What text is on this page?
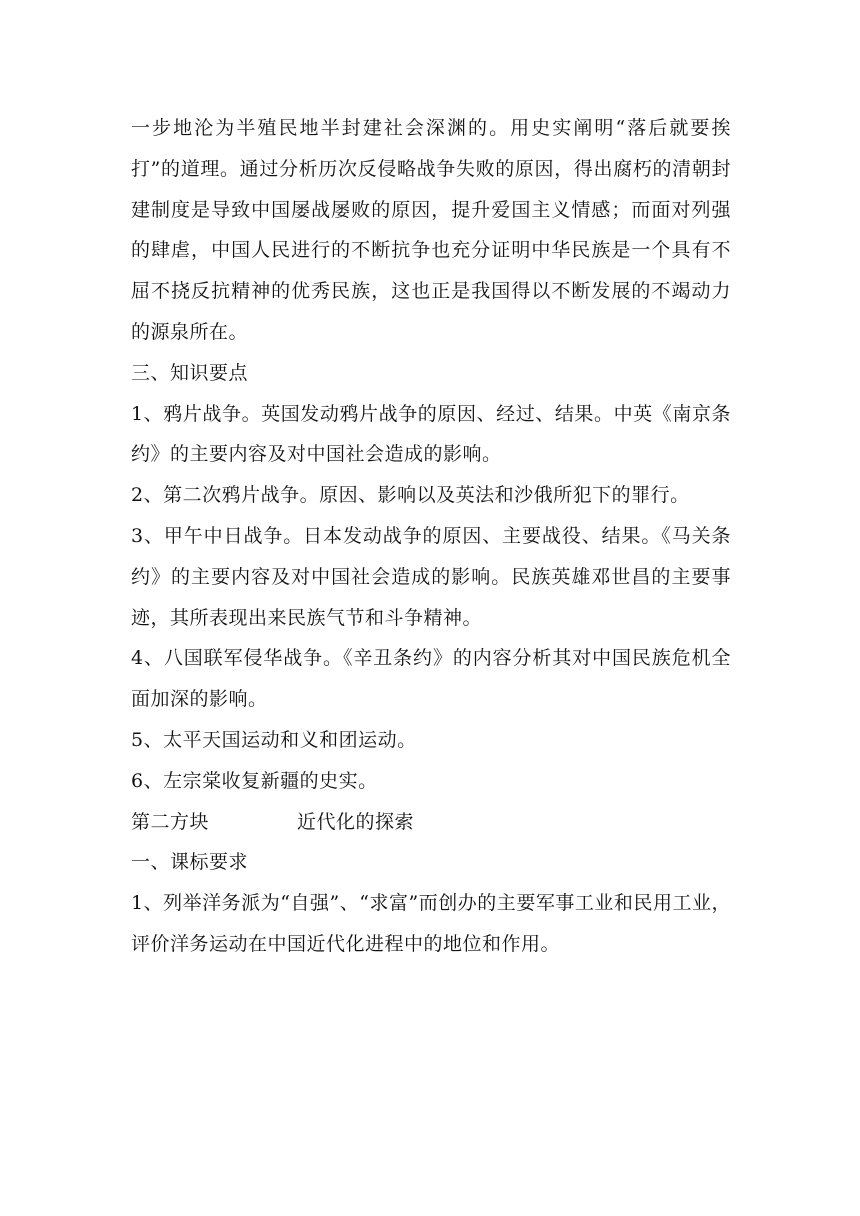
一步地沦为半殖民地半封建社会深渊的。用史实阐明“落后就要挨打”的道理。通过分析历次反侵略战争失败的原因，得出腐朽的清朝封建制度是导致中国屡战屡败的原因，提升爱国主义情感；而面对列强的肆虐，中国人民进行的不断抗争也充分证明中华民族是一个具有不屈不挠反抗精神的优秀民族，这也正是我国得以不断发展的不竭动力的源泉所在。

三、知识要点

1、鸦片战争。英国发动鸦片战争的原因、经过、结果。中英《南京条约》的主要内容及对中国社会造成的影响。

2、第二次鸦片战争。原因、影响以及英法和沙俄所犯下的罪行。

3、甲午中日战争。日本发动战争的原因、主要战役、结果。《马关条约》的主要内容及对中国社会造成的影响。民族英雄邓世昌的主要事迹，其所表现出来民族气节和斗争精神。

4、八国联军侵华战争。《辛丑条约》的内容分析其对中国民族危机全面加深的影响。

5、太平天国运动和义和团运动。

6、左宗棠收复新疆的史实。

第二方块	近代化的探索

一、课标要求

1、列举洋务派为“自强”、“求富”而创办的主要军事工业和民用工业，评价洋务运动在中国近代化进程中的地位和作用。
